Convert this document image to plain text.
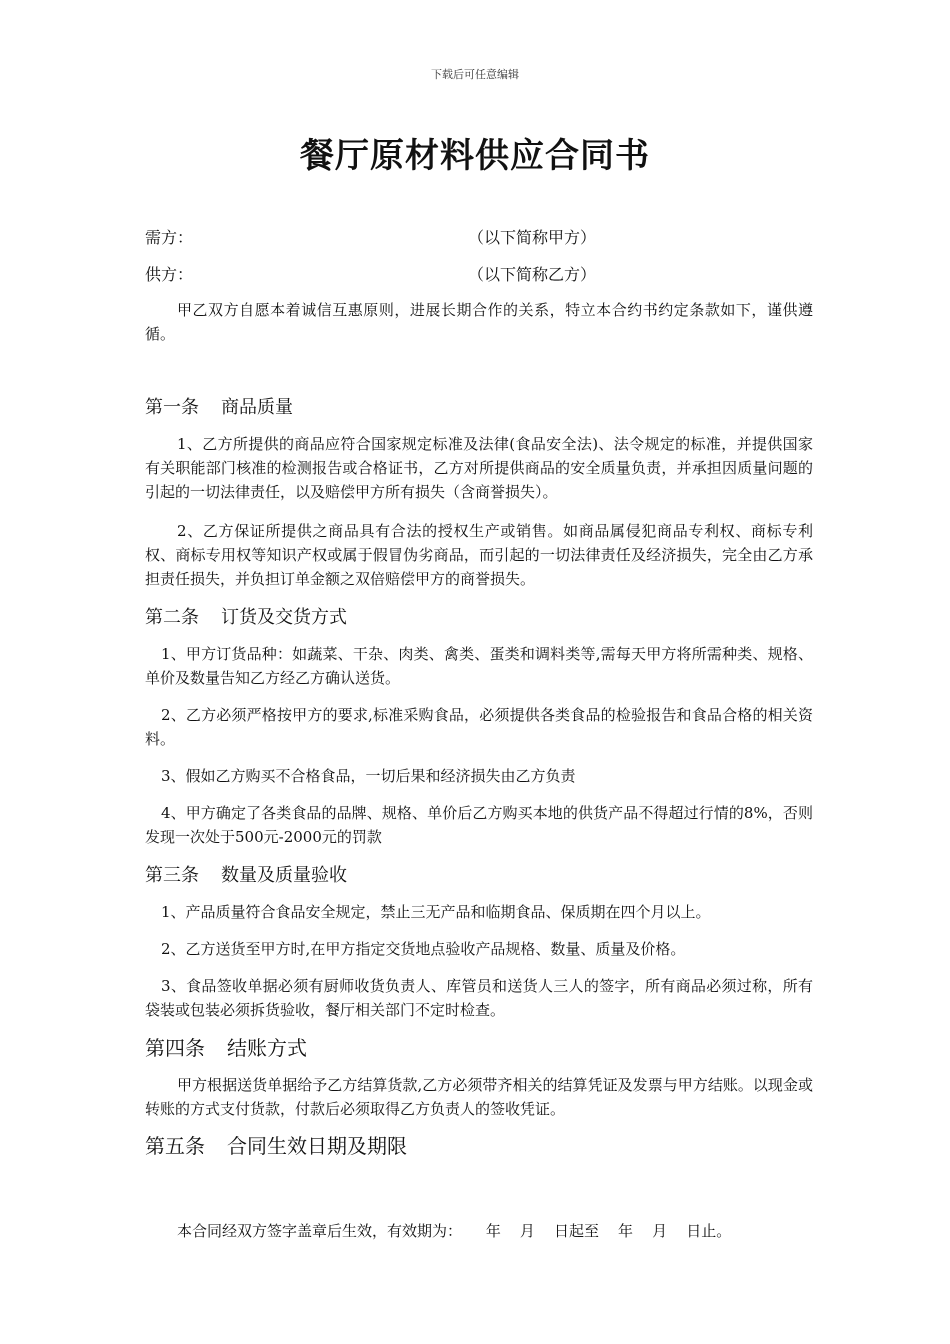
下载后可任意编辑
餐厅原材料供应合同书
需方：	（以下简称甲方）
供方：	（以下简称乙方）

甲乙双方自愿本着诚信互惠原则，进展长期合作的关系，特立本合约书约定条款如下，谨供遵循。

第一条 商品质量

1、乙方所提供的商品应符合国家规定标准及法律(食品安全法)、法令规定的标准，并提供国家有关职能部门核准的检测报告或合格证书，乙方对所提供商品的安全质量负责，并承担因质量问题的引起的一切法律责任，以及赔偿甲方所有损失（含商誉损失）。

2、乙方保证所提供之商品具有合法的授权生产或销售。如商品属侵犯商品专利权、商标专利权、商标专用权等知识产权或属于假冒伪劣商品，而引起的一切法律责任及经济损失，完全由乙方承担责任损失，并负担订单金额之双倍赔偿甲方的商誉损失。

第二条 订货及交货方式

1、甲方订货品种：如蔬菜、干杂、肉类、禽类、蛋类和调料类等,需每天甲方将所需种类、规格、单价及数量告知乙方经乙方确认送货。

2、乙方必须严格按甲方的要求,标准采购食品，必须提供各类食品的检验报告和食品合格的相关资料。

3、假如乙方购买不合格食品，一切后果和经济损失由乙方负责

4、甲方确定了各类食品的品牌、规格、单价后乙方购买本地的供货产品不得超过行情的8%，否则发现一次处于500元-2000元的罚款

第三条 数量及质量验收

1、产品质量符合食品安全规定，禁止三无产品和临期食品、保质期在四个月以上。

2、乙方送货至甲方时,在甲方指定交货地点验收产品规格、数量、质量及价格。

3、食品签收单据必须有厨师收货负责人、库管员和送货人三人的签字，所有商品必须过称，所有袋装或包装必须拆货验收，餐厅相关部门不定时检查。

第四条 结账方式

甲方根据送货单据给予乙方结算货款,乙方必须带齐相关的结算凭证及发票与甲方结账。以现金或转账的方式支付货款，付款后必须取得乙方负责人的签收凭证。

第五条 合同生效日期及期限

本合同经双方签字盖章后生效，有效期为：     年    月    日起至    年    月    日止。
